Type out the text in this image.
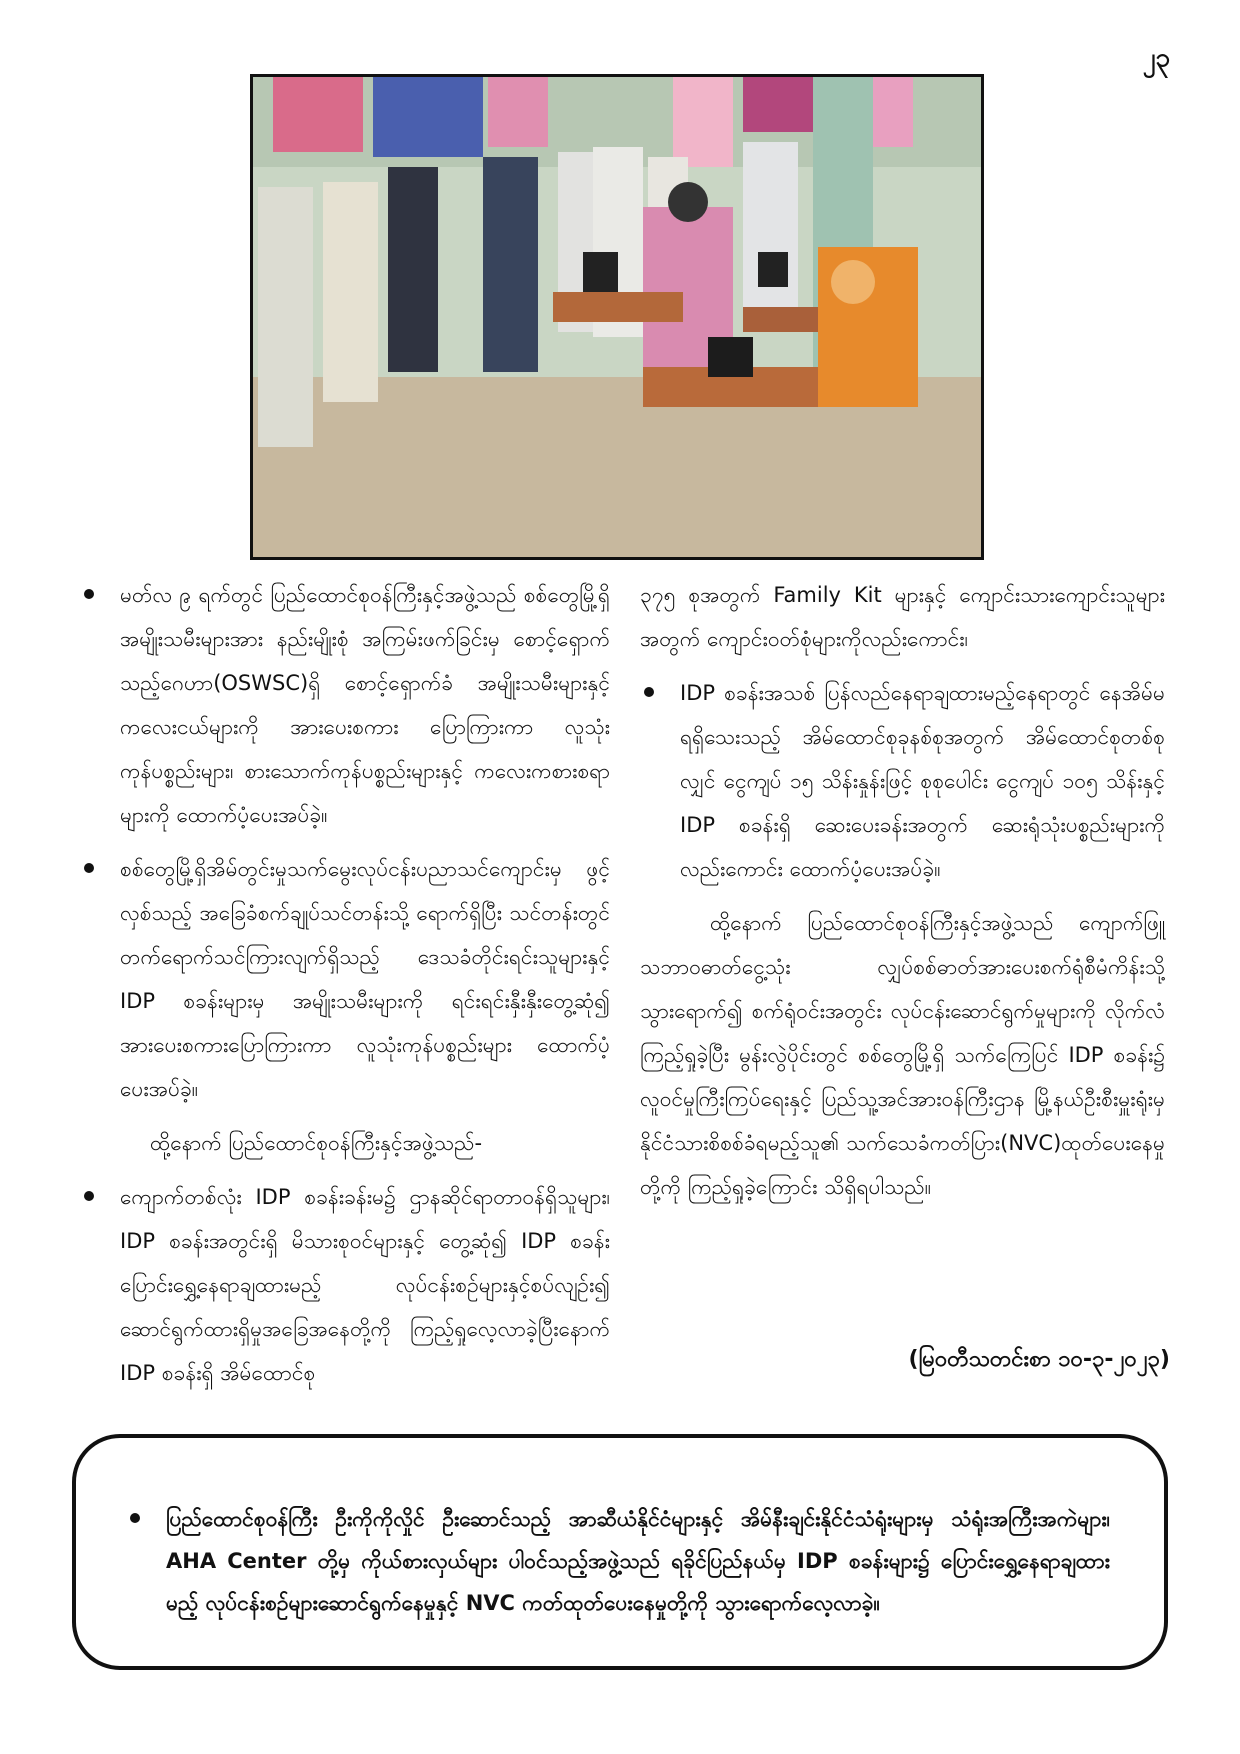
၂၃

မတ်လ ၉ ရက်တွင် ပြည်ထောင်စုဝန်ကြီးနှင့်အဖွဲ့သည် စစ်တွေမြို့ရှိ အမျိုးသမီးများအား နည်းမျိုးစုံ အကြမ်းဖက်ခြင်းမှ စောင့်ရှောက်သည့်ဂေဟာ(OSWSC)ရှိ စောင့်ရှောက်ခံ အမျိုးသမီးများနှင့် ကလေးငယ်များကို အားပေးစကား ပြောကြားကာ လူသုံးကုန်ပစ္စည်းများ၊ စားသောက်ကုန်ပစ္စည်းများနှင့် ကလေးကစားစရာများကို ထောက်ပံ့ပေးအပ်ခဲ့။

စစ်တွေမြို့ရှိအိမ်တွင်းမှုသက်မွေးလုပ်ငန်းပညာသင်ကျောင်းမှ ဖွင့်လှစ်သည့် အခြေခံစက်ချုပ်သင်တန်းသို့ ရောက်ရှိပြီး သင်တန်းတွင် တက်ရောက်သင်ကြားလျက်ရှိသည့် ဒေသခံတိုင်းရင်းသူများနှင့် IDP စခန်းများမှ အမျိုးသမီးများကို ရင်းရင်းနှီးနှီးတွေ့ဆုံ၍ အားပေးစကားပြောကြားကာ လူသုံးကုန်ပစ္စည်းများ ထောက်ပံ့ပေးအပ်ခဲ့။

ထို့နောက် ပြည်ထောင်စုဝန်ကြီးနှင့်အဖွဲ့သည်-

ကျောက်တစ်လုံး IDP စခန်းခန်းမ၌ ဌာနဆိုင်ရာတာဝန်ရှိသူများ၊ IDP စခန်းအတွင်းရှိ မိသားစုဝင်များနှင့် တွေ့ဆုံ၍ IDP စခန်း ပြောင်းရွှေ့နေရာချထားမည့် လုပ်ငန်းစဉ်များနှင့်စပ်လျဉ်း၍ ဆောင်ရွက်ထားရှိမှုအခြေအနေတို့ကို ကြည့်ရှုလေ့လာခဲ့ပြီးနောက် IDP စခန်းရှိ အိမ်ထောင်စု

၃၇၅ စုအတွက် Family Kit များနှင့် ကျောင်းသားကျောင်းသူများအတွက် ကျောင်းဝတ်စုံများကိုလည်းကောင်း၊

IDP စခန်းအသစ် ပြန်လည်နေရာချထားမည့်နေရာတွင် နေအိမ်မရရှိသေးသည့် အိမ်ထောင်စုခုနစ်စုအတွက် အိမ်ထောင်စုတစ်စုလျှင် ငွေကျပ် ၁၅ သိန်းနှုန်းဖြင့် စုစုပေါင်း ငွေကျပ် ၁၀၅ သိန်းနှင့် IDP စခန်းရှိ ဆေးပေးခန်းအတွက် ဆေးရုံသုံးပစ္စည်းများကိုလည်းကောင်း ထောက်ပံ့ပေးအပ်ခဲ့။

ထို့နောက် ပြည်ထောင်စုဝန်ကြီးနှင့်အဖွဲ့သည် ကျောက်ဖြူသဘာဝဓာတ်ငွေ့သုံး လျှပ်စစ်ဓာတ်အားပေးစက်ရုံစီမံကိန်းသို့သွားရောက်၍ စက်ရုံဝင်းအတွင်း လုပ်ငန်းဆောင်ရွက်မှုများကို လိုက်လံကြည့်ရှုခဲ့ပြီး မွန်းလွဲပိုင်းတွင် စစ်တွေမြို့ရှိ သက်ကြေပြင် IDP စခန်း၌ လူဝင်မှုကြီးကြပ်ရေးနှင့် ပြည်သူ့အင်အားဝန်ကြီးဌာန မြို့နယ်ဦးစီးမှူးရုံးမှ နိုင်ငံသားစိစစ်ခံရမည့်သူ၏ သက်သေခံကတ်ပြား(NVC)ထုတ်ပေးနေမှုတို့ကို ကြည့်ရှုခဲ့ကြောင်း သိရှိရပါသည်။

(မြဝတီသတင်းစာ ၁၀-၃-၂၀၂၃)

ပြည်ထောင်စုဝန်ကြီး ဦးကိုကိုလှိုင် ဦးဆောင်သည့် အာဆီယံနိုင်ငံများနှင့် အိမ်နီးချင်းနိုင်ငံသံရုံးများမှ သံရုံးအကြီးအကဲများ၊ AHA Center တို့မှ ကိုယ်စားလှယ်များ ပါဝင်သည့်အဖွဲ့သည် ရခိုင်ပြည်နယ်မှ IDP စခန်းများ၌ ပြောင်းရွှေ့နေရာချထားမည့် လုပ်ငန်းစဉ်များဆောင်ရွက်နေမှုနှင့် NVC ကတ်ထုတ်ပေးနေမှုတို့ကို သွားရောက်လေ့လာခဲ့။
